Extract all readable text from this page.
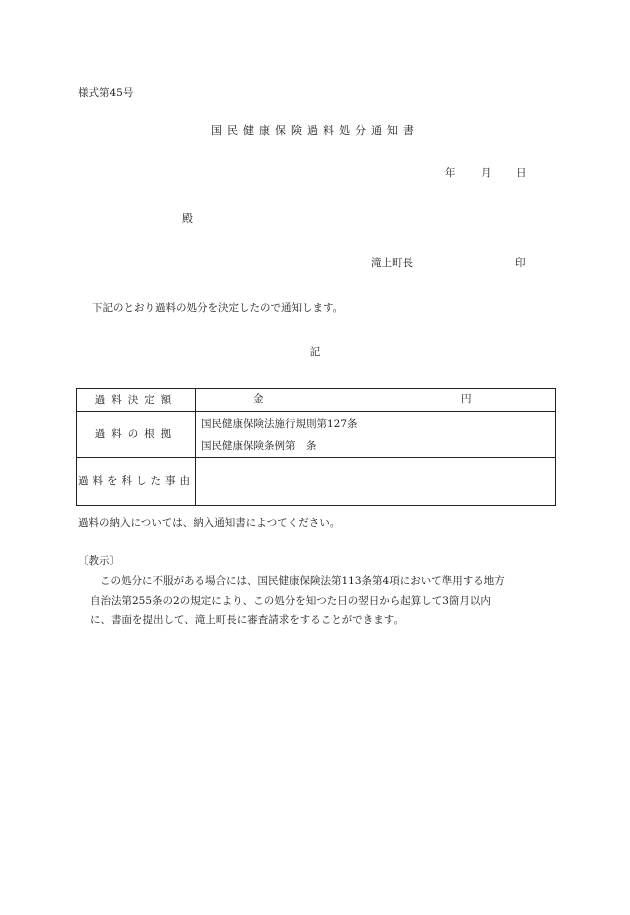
様式第45号
国民健康保険過料処分通知書
年 月 日
殿
滝上町長	印
下記のとおり過料の処分を決定したので通知します。
記
過料決定額	金 円

過料の根拠	国民健康保険法施行規則第127条
国民健康保険条例第　条

過料を科した事由	
過料の納入については、納入通知書によつてください。
〔教示〕
この処分に不服がある場合には、国民健康保険法第113条第4項において準用する地方
自治法第255条の2の規定により、この処分を知つた日の翌日から起算して3箇月以内
に、書面を提出して、滝上町長に審査請求をすることができます。
